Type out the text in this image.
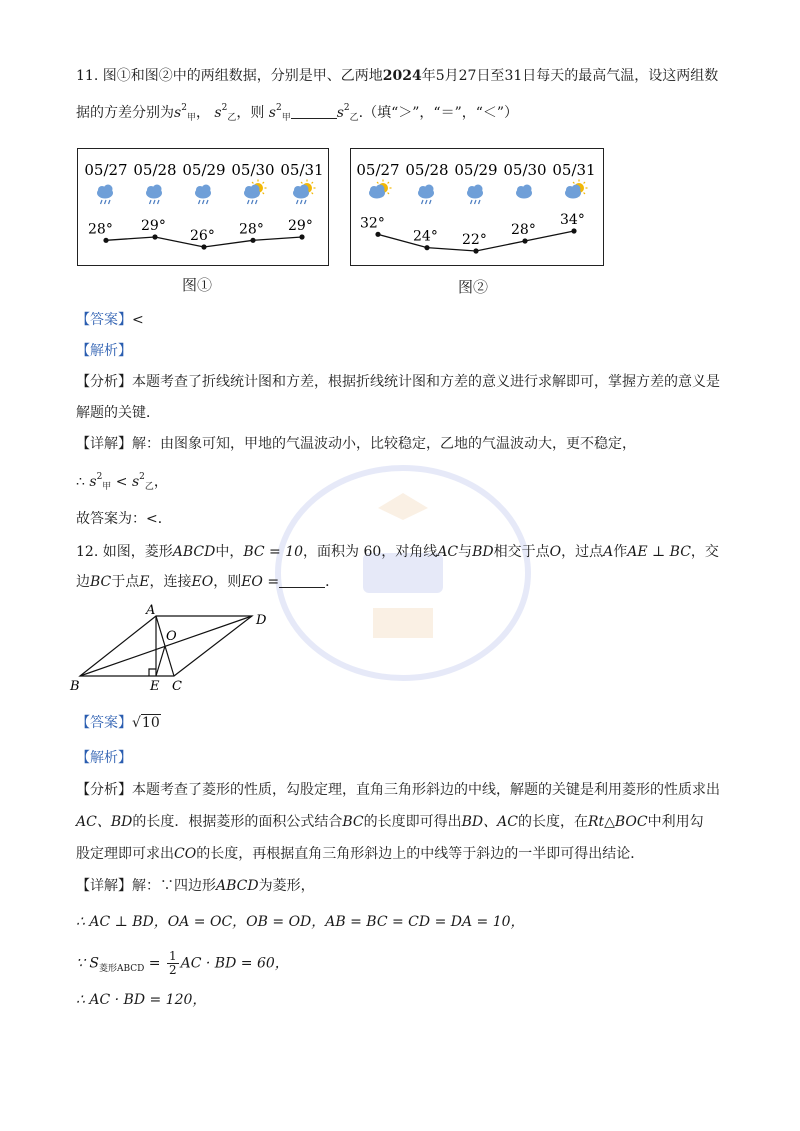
11. 图①和图②中的两组数据，分别是甲、乙两地2024年5月27日至31日每天的最高气温，设这两组数
据的方差分别为$s^2_甲$， $s^2_乙$，则 $s^2_甲$	$s^2_乙$.（填“＞”，“＝”，“＜”）
05/27
28°
05/28
29°
05/29
26°
05/30
28°
05/31
29°
图①
05/27
32°
05/28
24°
05/29
22°
05/30
28°
05/31
34°
图②
【答案】<
【解析】
【分析】本题考查了折线统计图和方差，根据折线统计图和方差的意义进行求解即可，掌握方差的意义是
解题的关键．
【详解】解：由图象可知，甲地的气温波动小，比较稳定，乙地的气温波动大，更不稳定，
∴ $s^2_甲 < s^2_乙$，
故答案为：<．
12. 如图，菱形ABCD中，BC = 10，面积为 60，对角线AC与BD相交于点O，过点A作AE ⊥ BC，交
边BC于点E，连接EO，则EO =	．
A
D
O
B	E C
【答案】√10
【解析】
【分析】本题考查了菱形的性质，勾股定理，直角三角形斜边的中线，解题的关键是利用菱形的性质求出
AC、BD的长度．根据菱形的面积公式结合BC的长度即可得出BD、AC的长度，在Rt△BOC中利用勾
股定理即可求出CO的长度，再根据直角三角形斜边上的中线等于斜边的一半即可得出结论．
【详解】解：∵四边形ABCD为菱形，
∴ AC ⊥ BD，OA = OC，OB = OD，AB = BC = CD = DA = 10，
∵ $S_{菱形ABCD} = \frac{1}{2}$ AC · BD = 60，
∴ AC · BD = 120，
